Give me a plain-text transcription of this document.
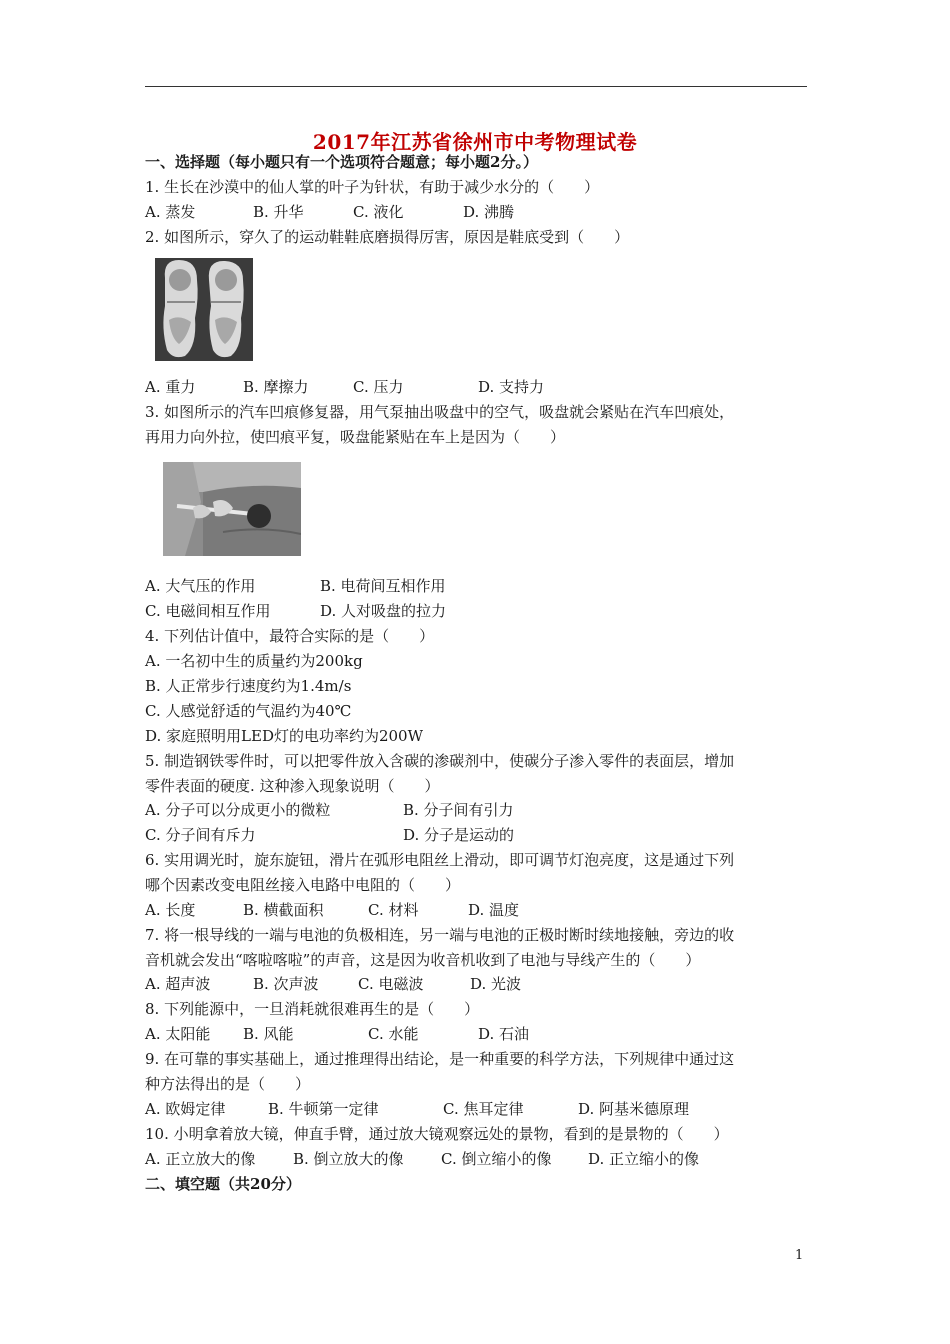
2017年江苏省徐州市中考物理试卷
一、选择题（每小题只有一个选项符合题意；每小题2分。）
1. 生长在沙漠中的仙人掌的叶子为针状，有助于减少水分的（　　）
A. 蒸发	B. 升华	C. 液化	D. 沸腾
2. 如图所示，穿久了的运动鞋鞋底磨损得厉害，原因是鞋底受到（　　）
A. 重力	B. 摩擦力	C. 压力	D. 支持力
3. 如图所示的汽车凹痕修复器，用气泵抽出吸盘中的空气，吸盘就会紧贴在汽车凹痕处，
再用力向外拉，使凹痕平复，吸盘能紧贴在车上是因为（　　）
A. 大气压的作用	B. 电荷间互相作用
C. 电磁间相互作用	D. 人对吸盘的拉力
4. 下列估计值中，最符合实际的是（　　）
A. 一名初中生的质量约为200kg
B. 人正常步行速度约为1.4m/s
C. 人感觉舒适的气温约为40℃
D. 家庭照明用LED灯的电功率约为200W
5. 制造钢铁零件时，可以把零件放入含碳的渗碳剂中，使碳分子渗入零件的表面层，增加
零件表面的硬度. 这种渗入现象说明（　　）
A. 分子可以分成更小的微粒	B. 分子间有引力
C. 分子间有斥力	D. 分子是运动的
6. 实用调光时，旋东旋钮，滑片在弧形电阻丝上滑动，即可调节灯泡亮度，这是通过下列
哪个因素改变电阻丝接入电路中电阻的（　　）
A. 长度	B. 横截面积	C. 材料	D. 温度
7. 将一根导线的一端与电池的负极相连，另一端与电池的正极时断时续地接触，旁边的收
音机就会发出“喀啦喀啦”的声音，这是因为收音机收到了电池与导线产生的（　　）
A. 超声波	B. 次声波	C. 电磁波	D. 光波
8. 下列能源中，一旦消耗就很难再生的是（　　）
A. 太阳能 B. 风能	C. 水能	D. 石油
9. 在可靠的事实基础上，通过推理得出结论，是一种重要的科学方法，下列规律中通过这
种方法得出的是（　　）
A. 欧姆定律	B. 牛顿第一定律	C. 焦耳定律	D. 阿基米德原理
10. 小明拿着放大镜，伸直手臂，通过放大镜观察远处的景物，看到的是景物的（　　）
A. 正立放大的像	B. 倒立放大的像 C. 倒立缩小的像 D. 正立缩小的像
二、填空题（共20分）
1
